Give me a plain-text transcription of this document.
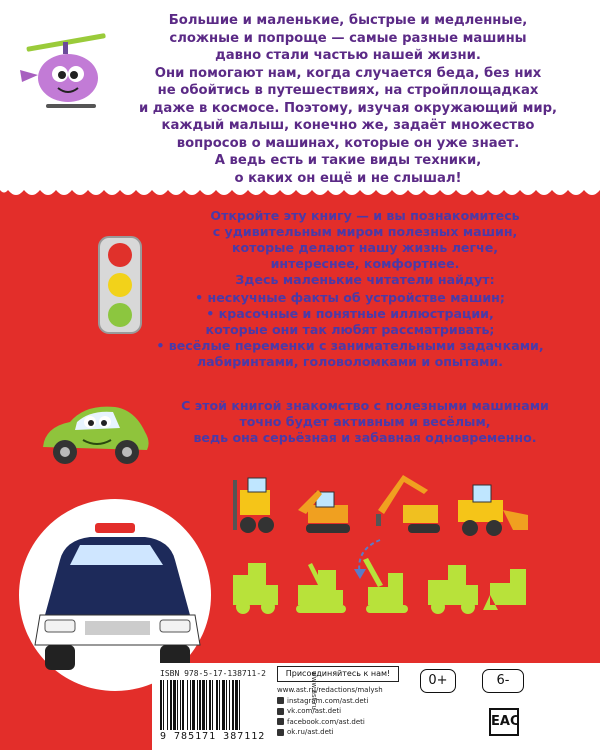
Большие и маленькие, быстрые и медленные,
сложные и попроще — самые разные машины
давно стали частью нашей жизни.
Они помогают нам, когда случается беда, без них
не обойтись в путешествиях, на стройплощадках
и даже в космосе. Поэтому, изучая окружающий мир,
каждый малыш, конечно же, задаёт множество
вопросов о машинах, которые он уже знает.
А ведь есть и такие виды техники,
о каких он ещё и не слышал!
Откройте эту книгу — и вы познакомитесь
с удивительным миром полезных машин,
которые делают нашу жизнь легче,
интереснее, комфортнее.
Здесь маленькие читатели найдут:
• нескучные факты об устройстве машин;
• красочные и понятные иллюстрации,
которые они так любят рассматривать;
• весёлые переменки с занимательными задачками,
лабиринтами, головоломками и опытами.
С этой книгой знакомство с полезными машинами
точно будет активным и весёлым,
ведь она серьёзная и забавная одновременно.
ISBN 978-5-17-138711-2
9 785171 387112
www.ast.ru
Присоединяйтесь к нам!
www.ast.ru/redactions/malysh
instagram.com/ast.deti
vk.com/ast.deti
facebook.com/ast.deti
ok.ru/ast.deti
0+	6-
EAC
